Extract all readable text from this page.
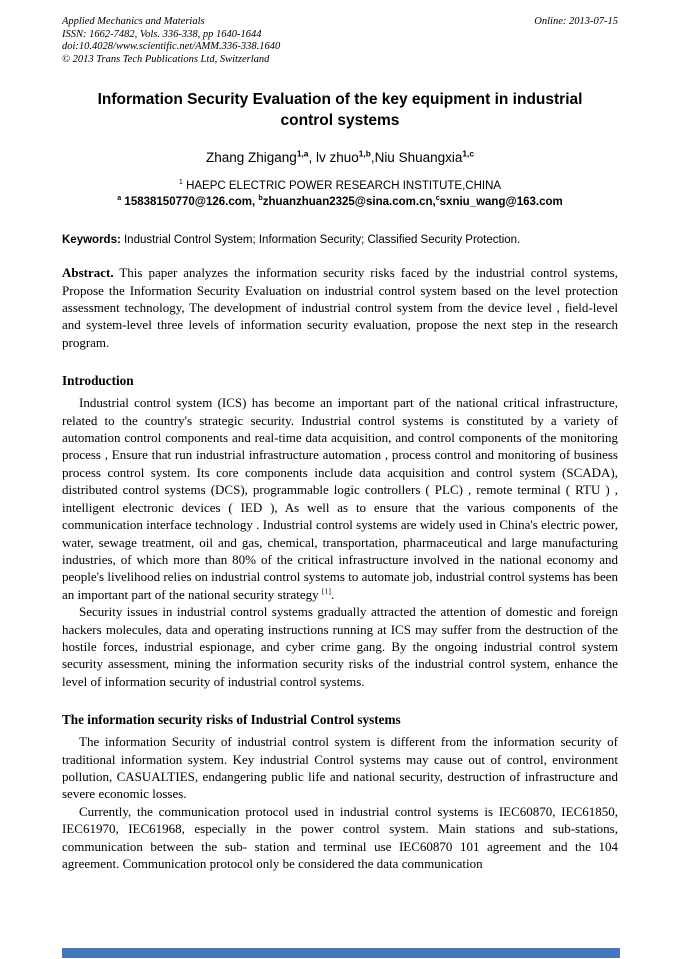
Applied Mechanics and Materials
ISSN: 1662-7482, Vols. 336-338, pp 1640-1644
doi:10.4028/www.scientific.net/AMM.336-338.1640
© 2013 Trans Tech Publications Ltd, Switzerland
Online: 2013-07-15
Information Security Evaluation of the key equipment in industrial control systems
Zhang Zhigang$^{1,a}$, lv zhuo$^{1,b}$,Niu Shuangxia$^{1,c}$
$^1$ HAEPC ELECTRIC POWER RESEARCH INSTITUTE,CHINA
$^a$ 15838150770@126.com, $^b$zhuanzhuan2325@sina.com.cn,$^c$sxniu_wang@163.com

Keywords: Industrial Control System; Information Security; Classified Security Protection.

Abstract. This paper analyzes the information security risks faced by the industrial control systems, Propose the Information Security Evaluation on industrial control system based on the level protection assessment technology, The development of industrial control system from the device level , field-level and system-level three levels of information security evaluation, propose the next step in the research program.

Introduction

Industrial control system (ICS) has become an important part of the national critical infrastructure, related to the country's strategic security. Industrial control systems is constituted by a variety of automation control components and real-time data acquisition, and control components of the monitoring process , Ensure that run industrial infrastructure automation , process control and monitoring of business process control system. Its core components include data acquisition and control system (SCADA), distributed control systems (DCS), programmable logic controllers ( PLC) , remote terminal ( RTU ) , intelligent electronic devices ( IED ), As well as to ensure that the various components of the communication interface technology . Industrial control systems are widely used in China's electric power, water, sewage treatment, oil and gas, chemical, transportation, pharmaceutical and large manufacturing industries, of which more than 80% of the critical infrastructure involved in the national economy and people's livelihood relies on industrial control systems to automate job, industrial control systems has been an important part of the national security strategy [1].

Security issues in industrial control systems gradually attracted the attention of domestic and foreign hackers molecules, data and operating instructions running at ICS may suffer from the destruction of the hostile forces, industrial espionage, and cyber crime gang. By the ongoing industrial control system security assessment, mining the information security risks of the industrial control system, enhance the level of information security of industrial control systems.

The information security risks of Industrial Control systems

The information Security of industrial control system is different from the information security of traditional information system. Key industrial Control systems may cause out of control, environment pollution, CASUALTIES, endangering public life and national security, destruction of infrastructure and severe economic losses.

Currently, the communication protocol used in industrial control systems is IEC60870, IEC61850, IEC61970, IEC61968, especially in the power control system. Main stations and sub-stations, communication between the sub- station and terminal use IEC60870 101 agreement and the 104 agreement. Communication protocol only be considered the data communication
